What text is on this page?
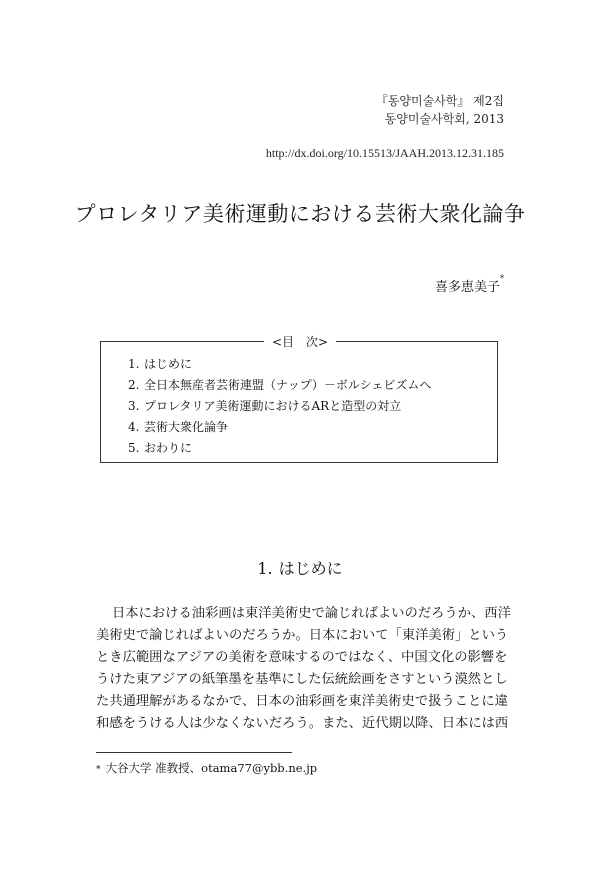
『동양미술사학』 제2집
동양미술사학회, 2013
http://dx.doi.org/10.15513/JAAH.2013.12.31.185
プロレタリア美術運動における芸術大衆化論争
喜多恵美子*
<目　次>
1. はじめに
2. 全日本無産者芸術連盟（ナップ）－ボルシェビズムへ
3. プロレタリア美術運動におけるARと造型の対立
4. 芸術大衆化論争
5. おわりに
1. はじめに
日本における油彩画は東洋美術史で論じればよいのだろうか、西洋
美術史で論じればよいのだろうか。日本において「東洋美術」という
とき広範囲なアジアの美術を意味するのではなく、中国文化の影響を
うけた東アジアの紙筆墨を基準にした伝統絵画をさすという漠然とし
た共通理解があるなかで、日本の油彩画を東洋美術史で扱うことに違
和感をうける人は少なくないだろう。また、近代期以降、日本には西
* 大谷大学 准教授、otama77@ybb.ne.jp
